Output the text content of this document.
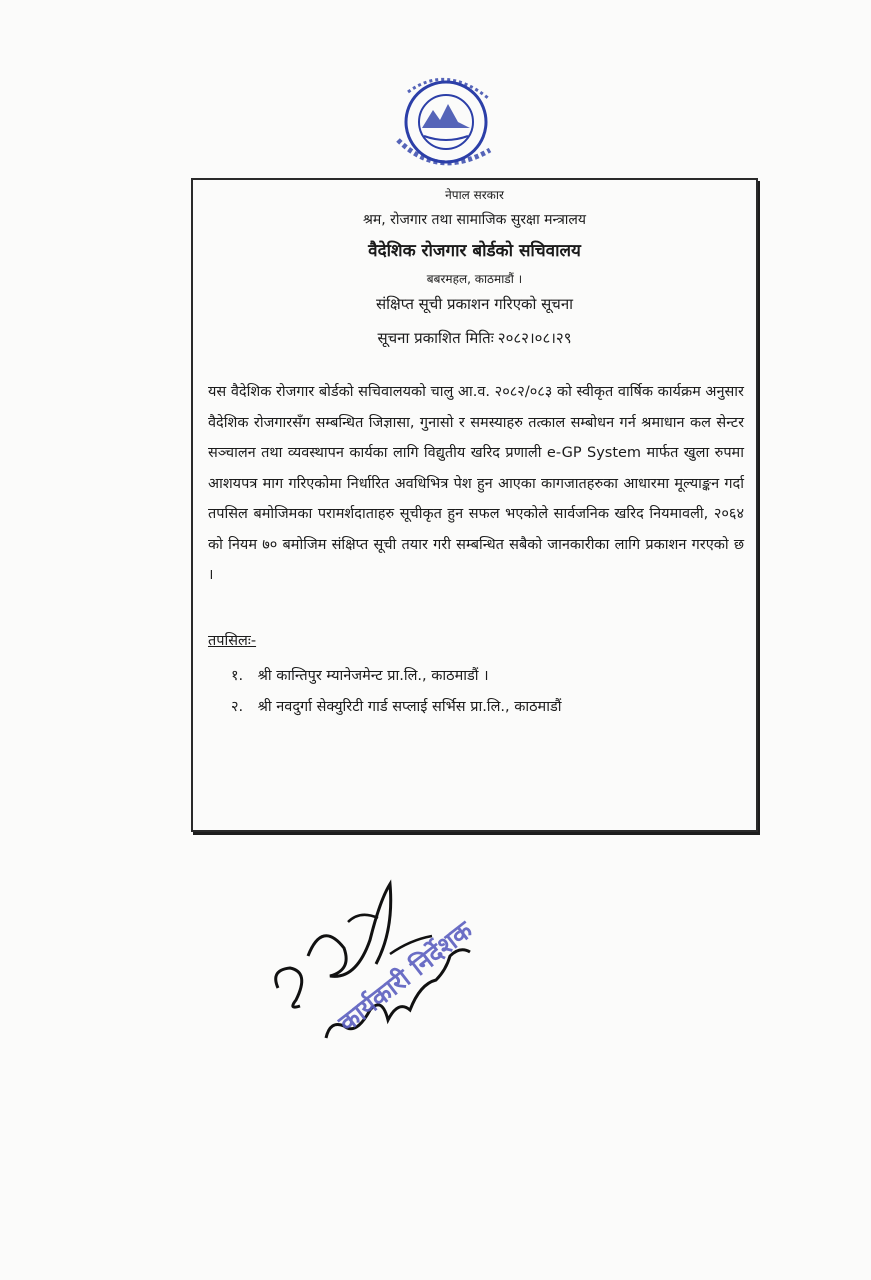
नेपाल सरकार
श्रम, रोजगार तथा सामाजिक सुरक्षा मन्त्रालय
वैदेशिक रोजगार बोर्डको सचिवालय
बबरमहल, काठमाडौं ।
संक्षिप्त सूची प्रकाशन गरिएको सूचना
सूचना प्रकाशित मितिः २०८२।०८।२९
यस वैदेशिक रोजगार बोर्डको सचिवालयको चालु आ.व. २०८२/०८३ को स्वीकृत वार्षिक कार्यक्रम अनुसार वैदेशिक रोजगारसँग सम्बन्धित जिज्ञासा, गुनासो र समस्याहरु तत्काल सम्बोधन गर्न श्रमाधान कल सेन्टर सञ्चालन तथा व्यवस्थापन कार्यका लागि विद्युतीय खरिद प्रणाली e-GP System मार्फत खुला रुपमा आशयपत्र माग गरिएकोमा निर्धारित अवधिभित्र पेश हुन आएका कागजातहरुका आधारमा मूल्याङ्कन गर्दा तपसिल बमोजिमका परामर्शदाताहरु सूचीकृत हुन सफल भएकोले सार्वजनिक खरिद नियमावली, २०६४ को नियम ७० बमोजिम संक्षिप्त सूची तयार गरी सम्बन्धित सबैको जानकारीका लागि प्रकाशन गरएको छ ।
तपसिलः-
१. श्री कान्तिपुर म्यानेजमेन्ट प्रा.लि., काठमाडौं ।
२. श्री नवदुर्गा सेक्युरिटी गार्ड सप्लाई सर्भिस प्रा.लि., काठमाडौं
कार्यकारी निर्देशक
